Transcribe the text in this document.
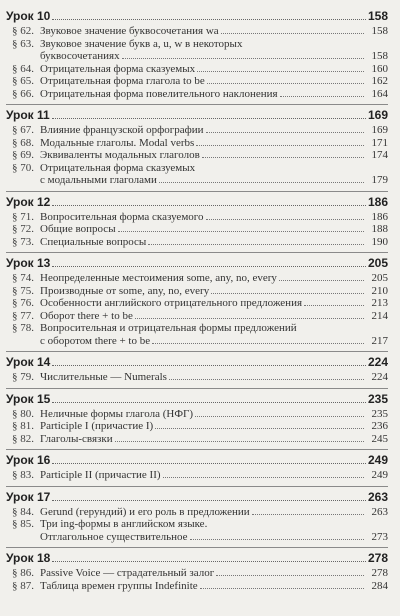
Урок 10	158
§ 62. Звуковое значение буквосочетания wa	158
§ 63. Звуковое значение букв a, u, w в некоторых
буквосочетаниях	158
§ 64. Отрицательная форма сказуемых	160
§ 65. Отрицательная форма глагола to be	162
§ 66. Отрицательная форма повелительного наклонения	164
Урок 11	169
§ 67. Влияние французской орфографии	169
§ 68. Модальные глаголы. Modal verbs	171
§ 69. Эквиваленты модальных глаголов	174
§ 70. Отрицательная форма сказуемых
с модальными глаголами	179
Урок 12	186
§ 71. Вопросительная форма сказуемого	186
§ 72. Общие вопросы	188
§ 73. Специальные вопросы	190
Урок 13	205
§ 74. Неопределенные местоимения some, any, no, every	205
§ 75. Производные от some, any, no, every	210
§ 76. Особенности английского отрицательного предложения	213
§ 77. Оборот there + to be	214
§ 78. Вопросительная и отрицательная формы предложений
с оборотом there + to be	217
Урок 14	224
§ 79. Числительные — Numerals	224
Урок 15	235
§ 80. Неличные формы глагола (НФГ)	235
§ 81. Participle I (причастие I)	236
§ 82. Глаголы-связки	245
Урок 16	249
§ 83. Participle II (причастие II)	249
Урок 17	263
§ 84. Gerund (герундий) и его роль в предложении	263
§ 85. Три ing-формы в английском языке.
Отглагольное существительное	273
Урок 18	278
§ 86. Passive Voice — страдательный залог	278
§ 87. Таблица времен группы Indefinite	284
